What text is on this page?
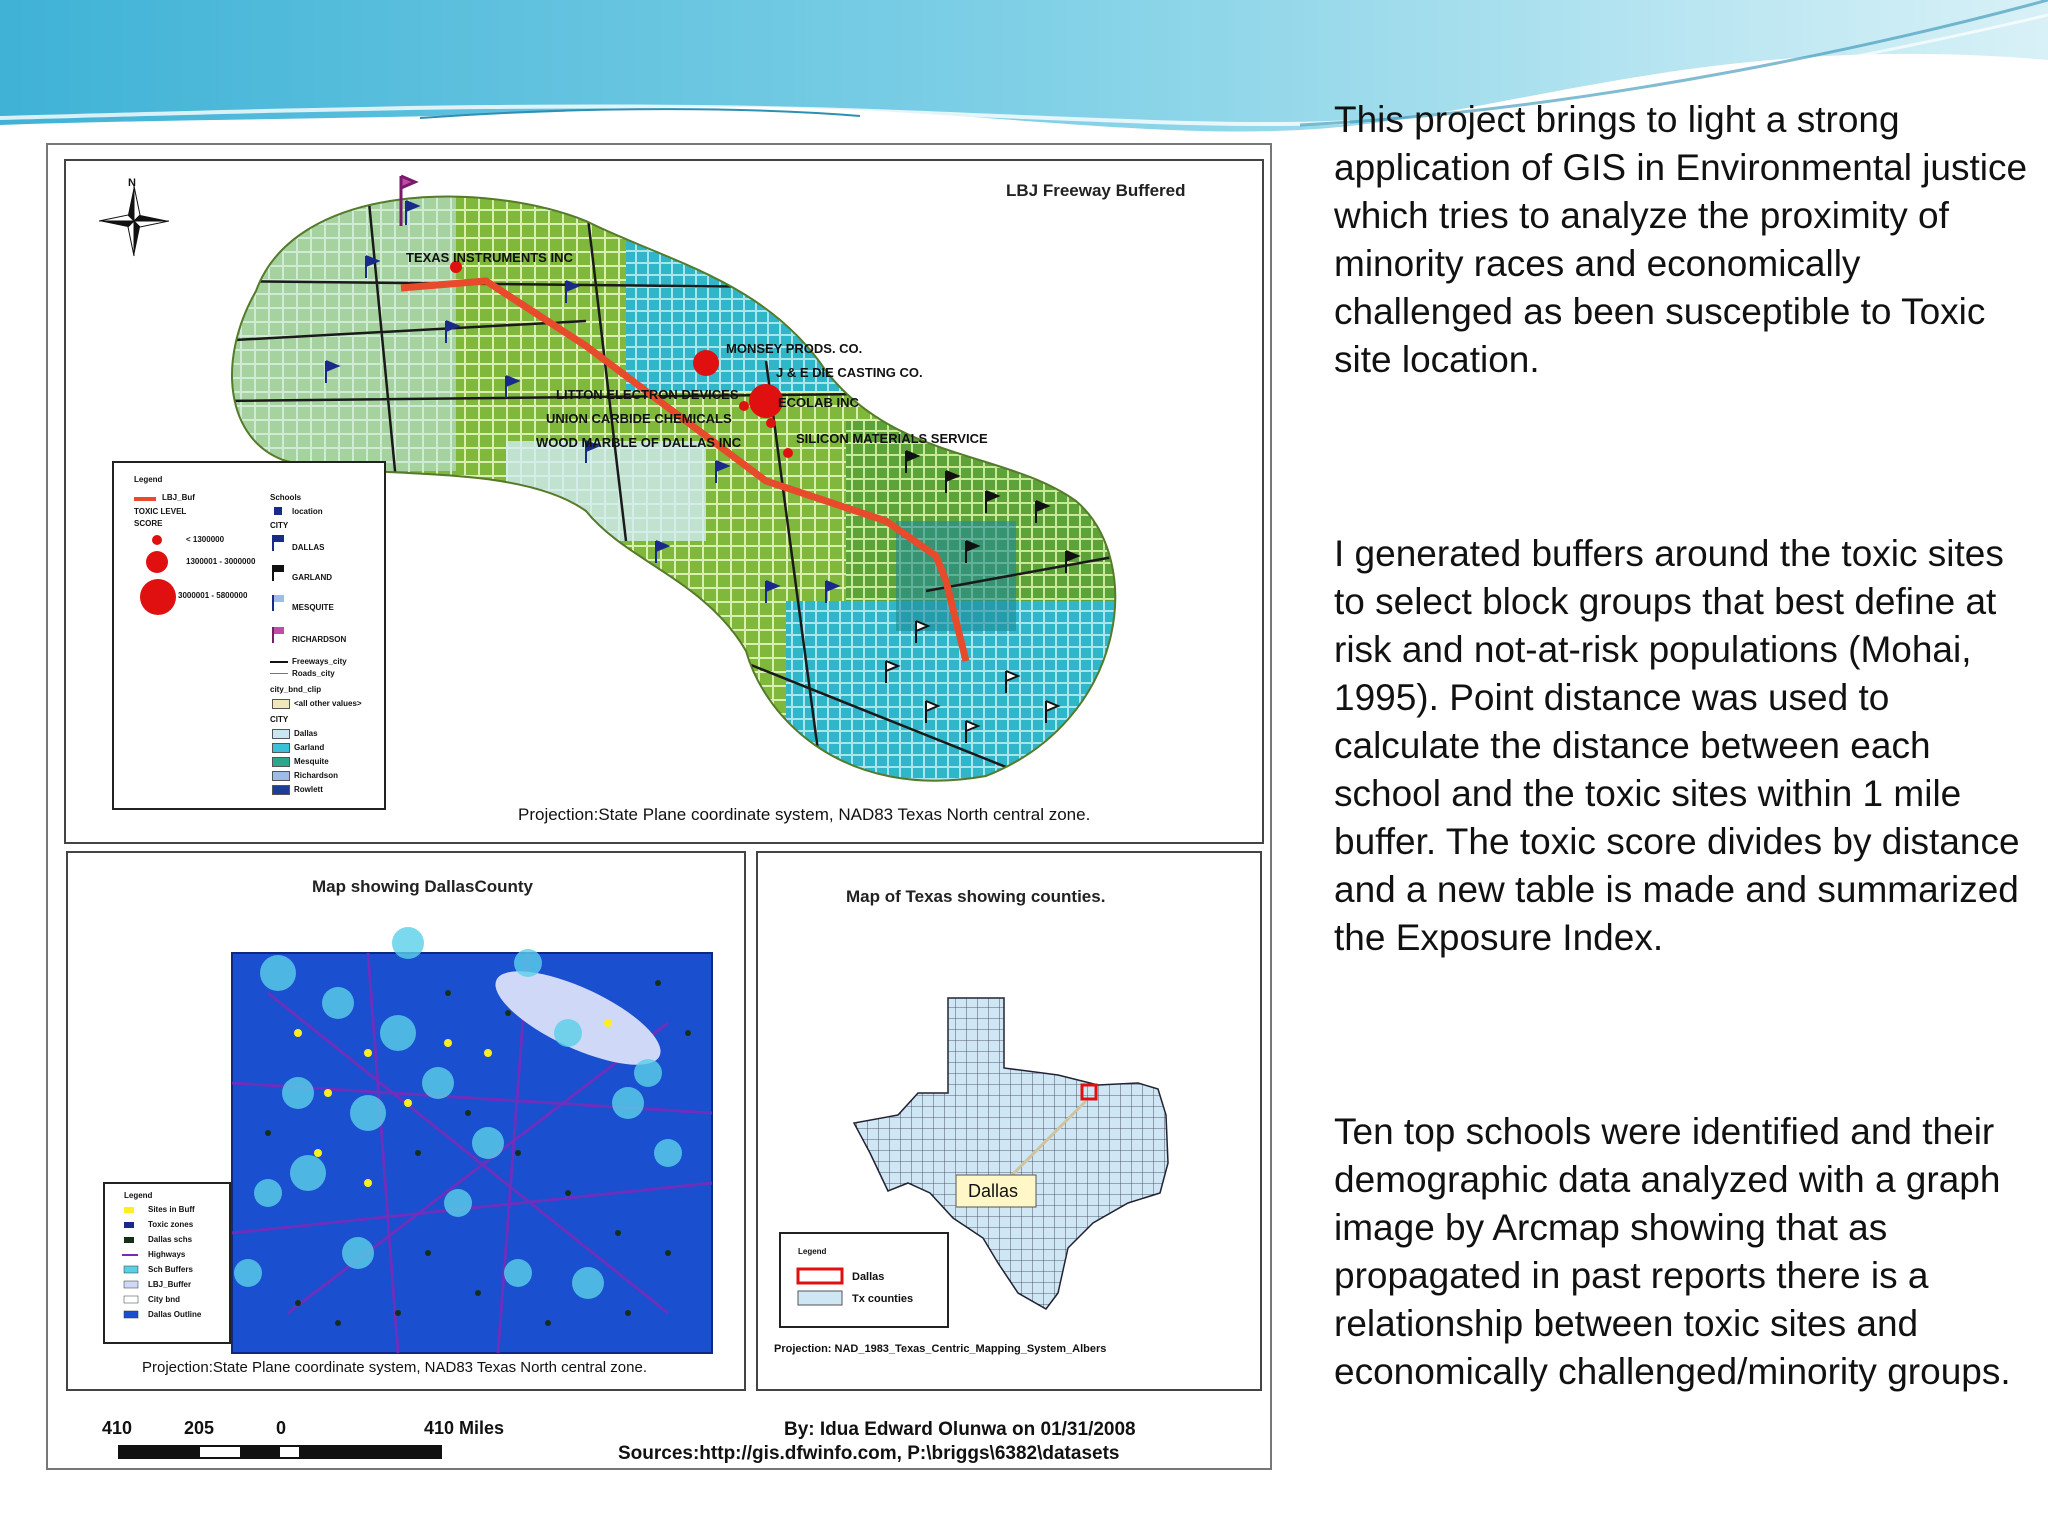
N	LBJ Freeway Buffered
TEXAS INSTRUMENTS INC
MONSEY PRODS. CO.
J & E DIE CASTING CO.
LITTON ELECTRON DEVICES
ECOLAB INC
UNION CARBIDE CHEMICALS
SILICON MATERIALS SERVICE
WOOD MARBLE OF DALLAS INC
Projection:State Plane coordinate system, NAD83 Texas North central zone.
Legend
LBJ_Buf
TOXIC LEVEL
SCORE
< 1300000
1300001 - 3000000
3000001 - 5800000
Schools
location
CITY
DALLAS
GARLAND
MESQUITE
RICHARDSON
Freeways_city
Roads_city
city_bnd_clip
<all other values>
CITY
Dallas
Garland
Mesquite
Richardson
Rowlett
Map showing DallasCounty
Legend
Sites in Buff
Toxic zones
Dallas schs
Highways
Sch Buffers
LBJ_Buffer
City bnd
Dallas Outline
Projection:State Plane coordinate system, NAD83 Texas North central zone.
Map of Texas showing counties.
Dallas
Legend
Dallas
Tx counties
Projection: NAD_1983_Texas_Centric_Mapping_System_Albers
410	205	0	410 Miles	By: Idua Edward Olunwa on 01/31/2008
Sources:http://gis.dfwinfo.com, P:\briggs\6382\datasets

This project brings to light a strong application of GIS in Environmental justice which tries to analyze the proximity of minority races and economically challenged as been susceptible to Toxic site location.

I generated buffers around the toxic sites to select block groups that best define at risk and not-at-risk populations (Mohai, 1995). Point distance was used to calculate the distance between each school and the toxic sites within 1 mile buffer. The toxic score divides by distance and a new table is made and summarized the Exposure Index.

Ten top schools were identified and their demographic data analyzed with a graph image by Arcmap showing that as propagated in past reports there is a relationship between toxic sites and economically challenged/minority groups.
